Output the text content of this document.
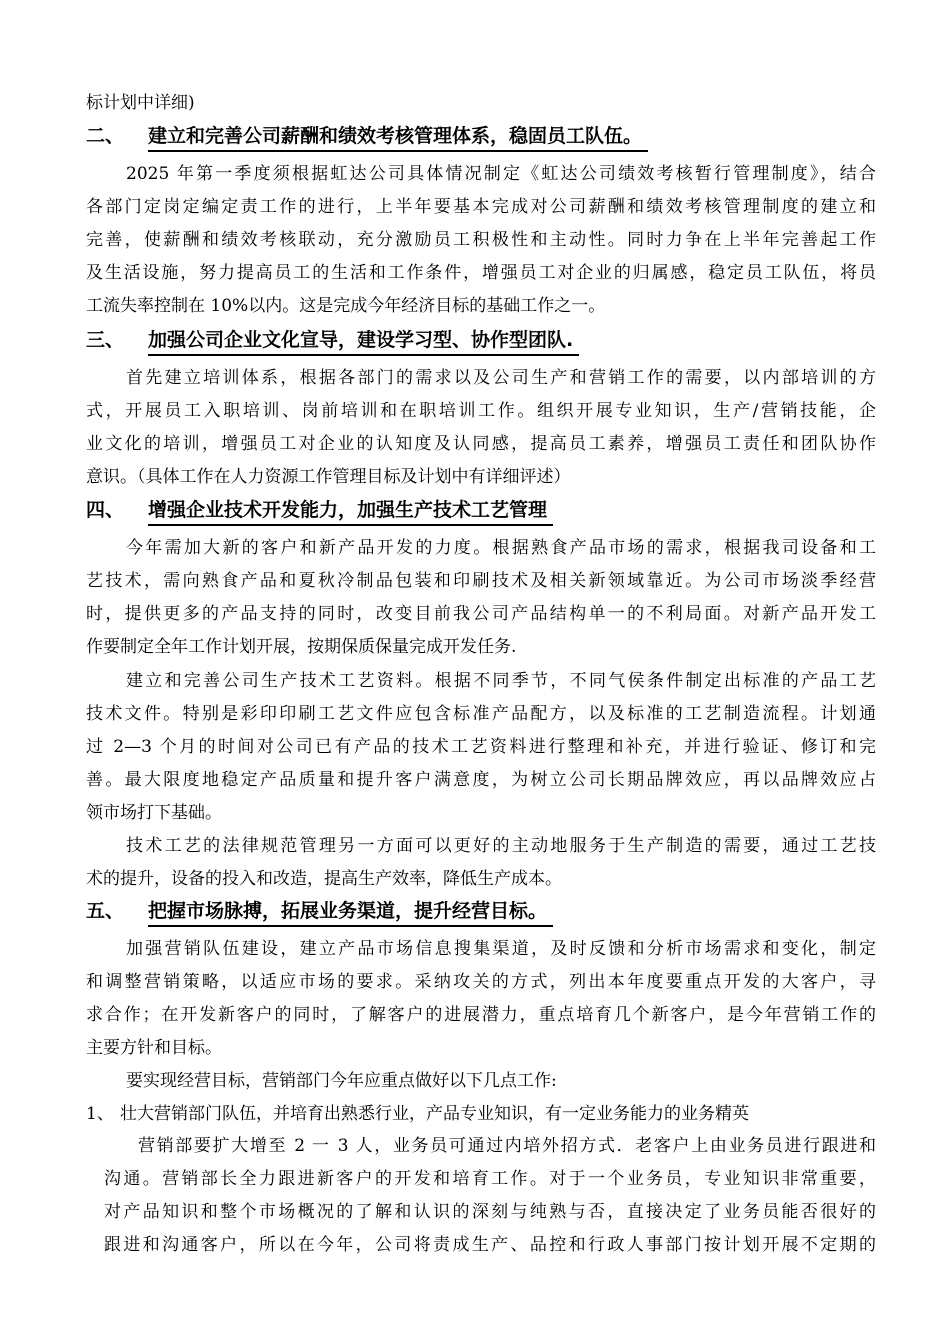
标计划中详细)
二、 建立和完善公司薪酬和绩效考核管理体系，稳固员工队伍。
2025 年第一季度须根据虹达公司具体情况制定《虹达公司绩效考核暂行管理制度》，结合
各部门定岗定编定责工作的进行，上半年要基本完成对公司薪酬和绩效考核管理制度的建立和
完善，使薪酬和绩效考核联动，充分激励员工积极性和主动性。同时力争在上半年完善起工作
及生活设施，努力提高员工的生活和工作条件，增强员工对企业的归属感，稳定员工队伍，将员
工流失率控制在 10%以内。这是完成今年经济目标的基础工作之一。
三、 加强公司企业文化宣导，建设学习型、协作型团队.
首先建立培训体系，根据各部门的需求以及公司生产和营销工作的需要，以内部培训的方
式，开展员工入职培训、岗前培训和在职培训工作。组织开展专业知识，生产/营销技能，企
业文化的培训，增强员工对企业的认知度及认同感，提高员工素养，增强员工责任和团队协作
意识。（具体工作在人力资源工作管理目标及计划中有详细评述）
四、 增强企业技术开发能力，加强生产技术工艺管理
今年需加大新的客户和新产品开发的力度。根据熟食产品市场的需求，根据我司设备和工
艺技术，需向熟食产品和夏秋冷制品包装和印刷技术及相关新领域靠近。为公司市场淡季经营
时，提供更多的产品支持的同时，改变目前我公司产品结构单一的不利局面。对新产品开发工
作要制定全年工作计划开展，按期保质保量完成开发任务.
建立和完善公司生产技术工艺资料。根据不同季节，不同气侯条件制定出标准的产品工艺
技术文件。特别是彩印印刷工艺文件应包含标准产品配方，以及标准的工艺制造流程。计划通
过 2—3 个月的时间对公司已有产品的技术工艺资料进行整理和补充，并进行验证、修订和完
善。最大限度地稳定产品质量和提升客户满意度，为树立公司长期品牌效应，再以品牌效应占
领市场打下基础。
技术工艺的法律规范管理另一方面可以更好的主动地服务于生产制造的需要，通过工艺技
术的提升，设备的投入和改造，提高生产效率，降低生产成本。
五、 把握市场脉搏，拓展业务渠道，提升经营目标。
加强营销队伍建设，建立产品市场信息搜集渠道，及时反馈和分析市场需求和变化，制定
和调整营销策略，以适应市场的要求。采纳攻关的方式，列出本年度要重点开发的大客户，寻
求合作；在开发新客户的同时，了解客户的进展潜力，重点培育几个新客户，是今年营销工作的
主要方针和目标。
要实现经营目标，营销部门今年应重点做好以下几点工作:
1、 壮大营销部门队伍，并培育出熟悉行业，产品专业知识，有一定业务能力的业务精英
营销部要扩大增至 2 一 3 人，业务员可通过内培外招方式．老客户上由业务员进行跟进和
沟通。营销部长全力跟进新客户的开发和培育工作。对于一个业务员，专业知识非常重要，
对产品知识和整个市场概况的了解和认识的深刻与纯熟与否，直接决定了业务员能否很好的
跟进和沟通客户，所以在今年，公司将责成生产、品控和行政人事部门按计划开展不定期的
